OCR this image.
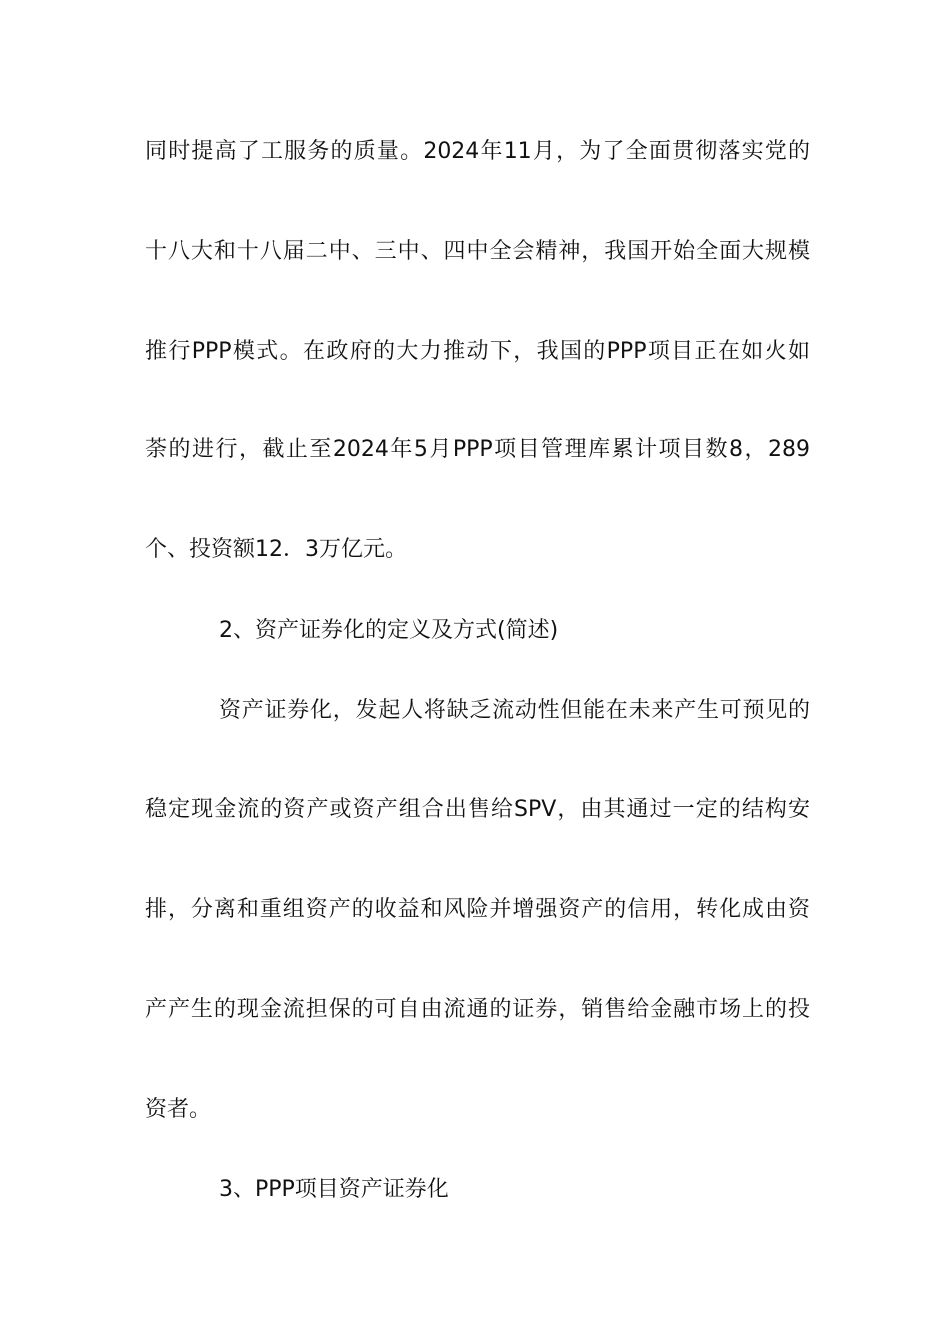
同时提高了工服务的质量。2024年11月，为了全面贯彻落实党的
十八大和十八届二中、三中、四中全会精神，我国开始全面大规模
推行PPP模式。在政府的大力推动下，我国的PPP项目正在如火如
荼的进行，截止至2024年5月PPP项目管理库累计项目数8，289
个、投资额12．3万亿元。
2、资产证券化的定义及方式(简述)
资产证券化，发起人将缺乏流动性但能在未来产生可预见的
稳定现金流的资产或资产组合出售给SPV，由其通过一定的结构安
排，分离和重组资产的收益和风险并增强资产的信用，转化成由资
产产生的现金流担保的可自由流通的证券，销售给金融市场上的投
资者。
3、PPP项目资产证券化
